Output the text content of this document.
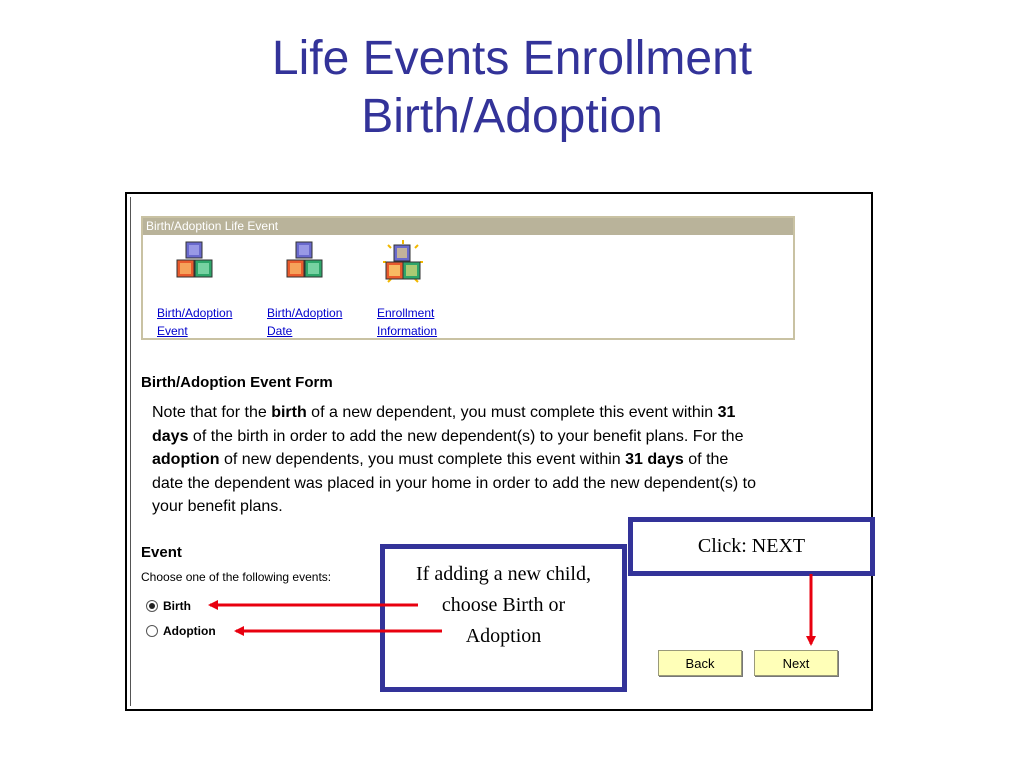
Life Events Enrollment
Birth/Adoption
Birth/Adoption Life Event
Birth/Adoption
Event
Birth/Adoption
Date
Enrollment
Information
Birth/Adoption Event Form
Note that for the birth of a new dependent, you must complete this event within 31 days of the birth in order to add the new dependent(s) to your benefit plans. For the adoption of new dependents, you must complete this event within 31 days of the date the dependent was placed in your home in order to add the new dependent(s) to your benefit plans.
Event
Choose one of the following events:
Birth
Adoption
Back	Next
If adding a new child, choose Birth or Adoption
Click: NEXT
